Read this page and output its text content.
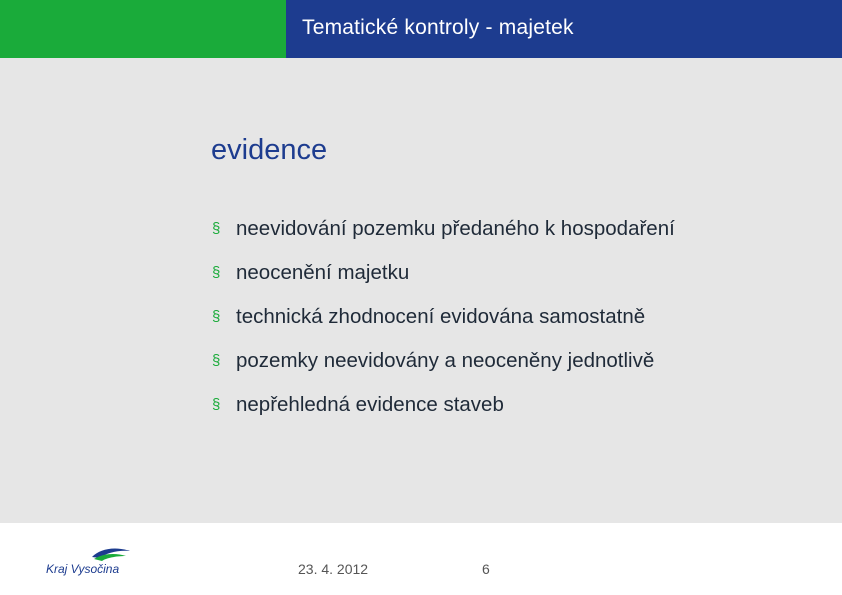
Tematické kontroly - majetek
evidence
§ neevidování pozemku předaného k hospodaření
§ neocenění majetku
§ technická zhodnocení evidována samostatně
§ pozemky neevidovány a neoceněny jednotlivě
§ nepřehledná evidence staveb
Kraj Vysočina	23. 4. 2012	6
